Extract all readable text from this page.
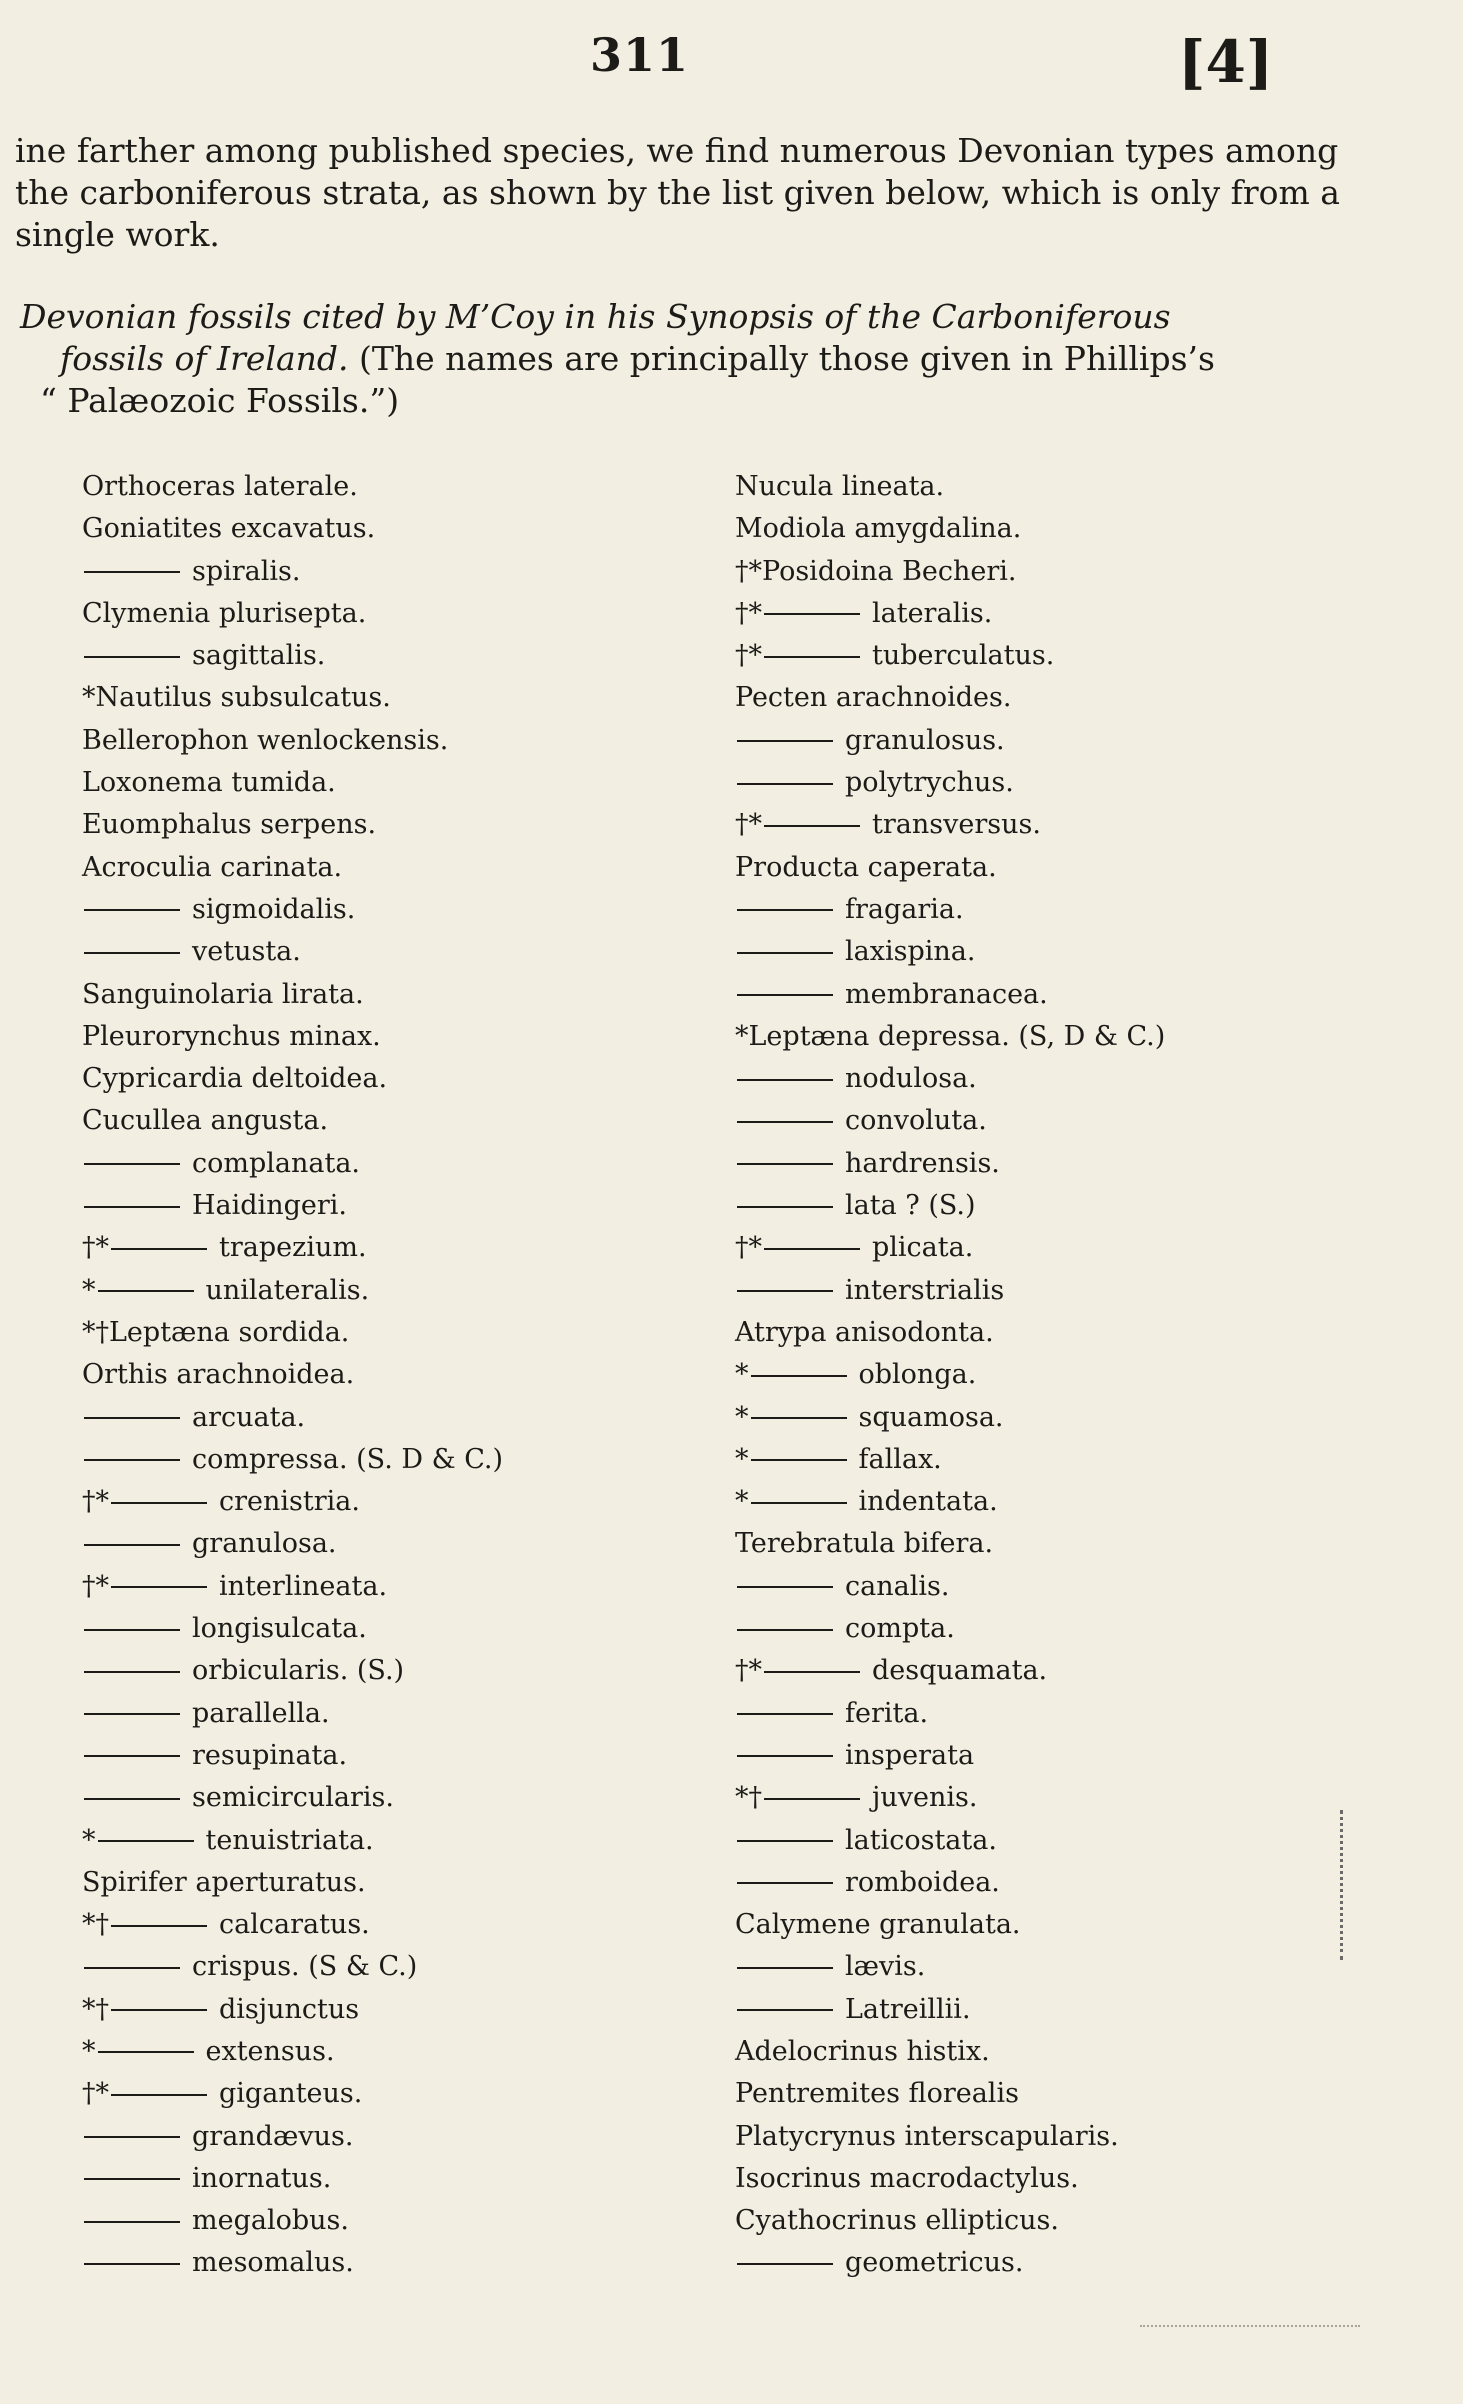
311	[4]

ine farther among published species, we find numerous Devonian types among the carboniferous strata, as shown by the list given below, which is only from a single work.

Devonian fossils cited by M’Coy in his Synopsis of the Carboniferous
fossils of Ireland. (The names are principally those given in Phillips’s
“ Palæozoic Fossils.”)

Orthoceras laterale.
Goniatites excavatus.
spiralis.
Clymenia plurisepta.
sagittalis.
*Nautilus subsulcatus.
Bellerophon wenlockensis.
Loxonema tumida.
Euomphalus serpens.
Acroculia carinata.
sigmoidalis.
vetusta.
Sanguinolaria lirata.
Pleurorynchus minax.
Cypricardia deltoidea.
Cucullea angusta.
complanata.
Haidingeri.
†*	trapezium.
*	unilateralis.
*†Leptæna sordida.
Orthis arachnoidea.
arcuata.
compressa. (S. D & C.)
†*	crenistria.
granulosa.
†*	interlineata.
longisulcata.
orbicularis. (S.)
parallella.
resupinata.
semicircularis.
*	tenuistriata.
Spirifer aperturatus.
*†	calcaratus.
crispus. (S & C.)
*†	disjunctus
*	extensus.
†*	giganteus.
grandævus.
inornatus.
megalobus.
mesomalus.
Nucula lineata.
Modiola amygdalina.
†*Posidoina Becheri.
†*	lateralis.
†*	tuberculatus.
Pecten arachnoides.
granulosus.
polytrychus.
†*	transversus.
Producta caperata.
fragaria.
laxispina.
membranacea.
*Leptæna depressa. (S, D & C.)
nodulosa.
convoluta.
hardrensis.
lata ? (S.)
†*	plicata.
interstrialis
Atrypa anisodonta.
*	oblonga.
*	squamosa.
*	fallax.
*	indentata.
Terebratula bifera.
canalis.
compta.
†*	desquamata.
ferita.
insperata
*†	juvenis.
laticostata.
romboidea.
Calymene granulata.
lævis.
Latreillii.
Adelocrinus histix.
Pentremites florealis
Platycrynus interscapularis.
Isocrinus macrodactylus.
Cyathocrinus ellipticus.
geometricus.
